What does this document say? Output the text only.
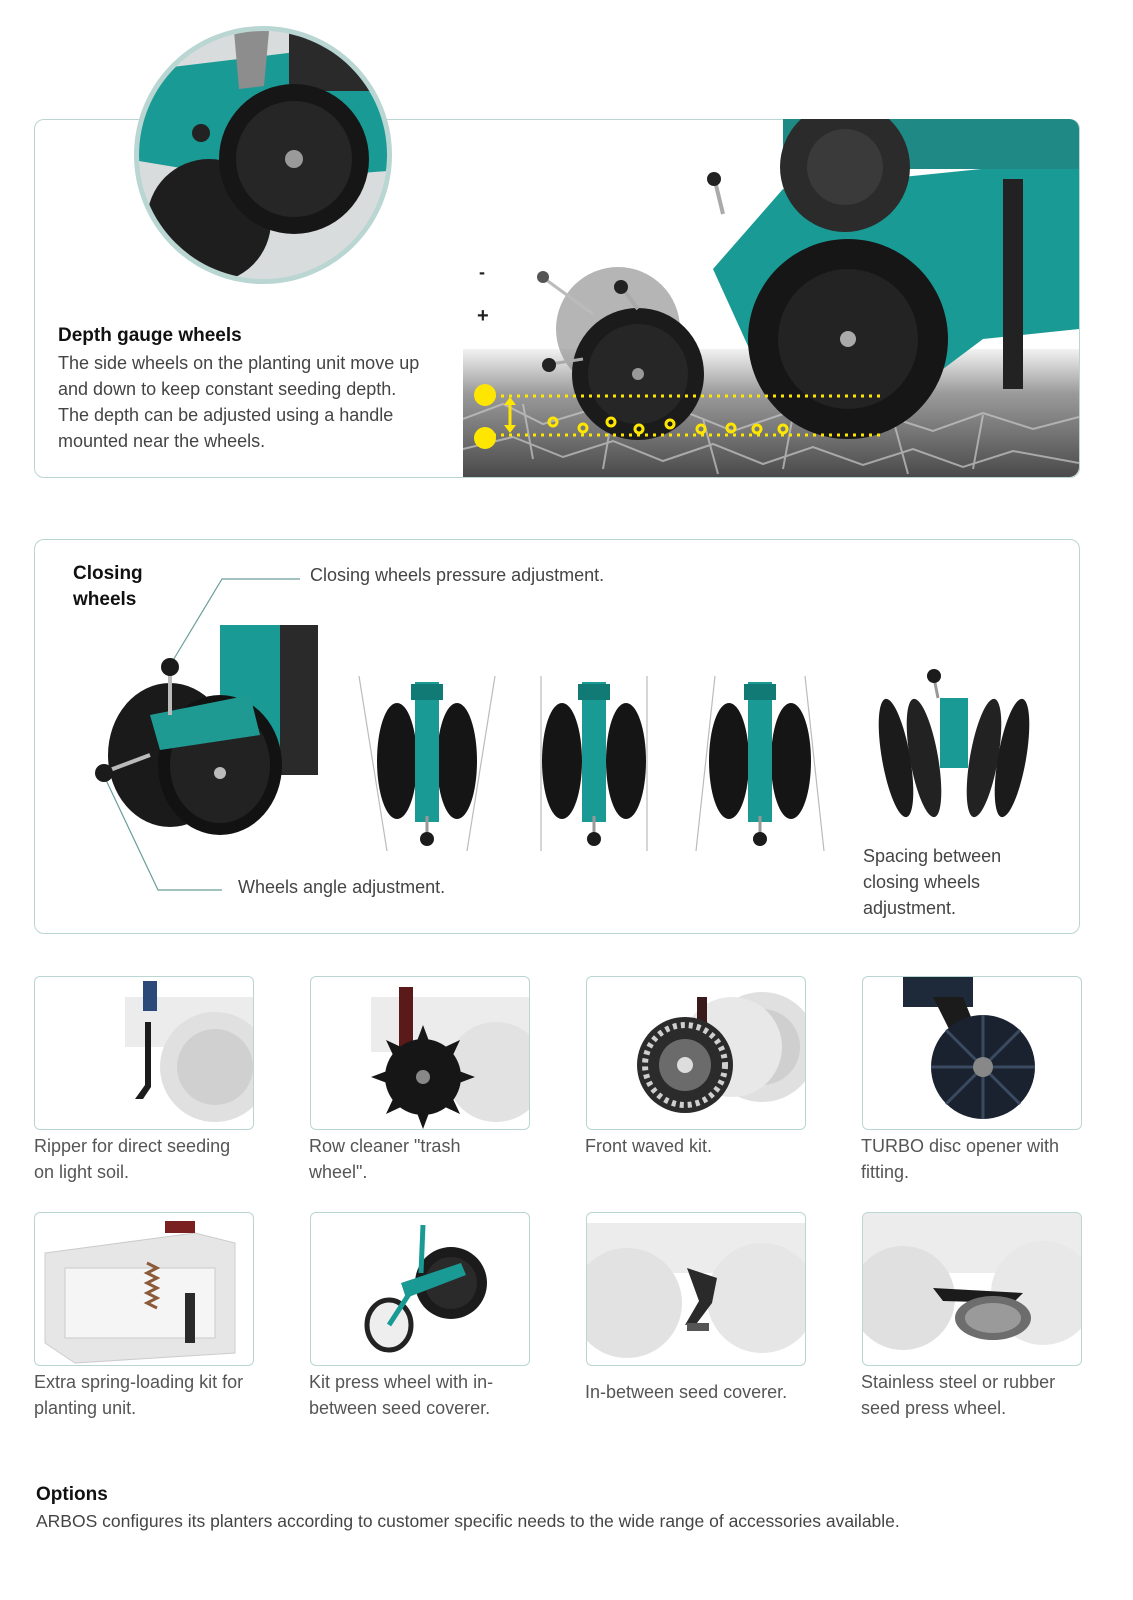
-
+
Depth gauge wheels
The side wheels on the planting unit move up and down to keep constant seeding depth. The depth can be adjusted using a handle mounted near the wheels.
Closing
wheels
Closing wheels pressure adjustment.
Wheels angle adjustment.
Spacing between
closing wheels
adjustment.
Ripper for direct seeding
on light soil.
Row cleaner "trash
wheel".
Front waved kit.	TURBO disc opener with
fitting.
Extra spring-loading kit for
planting unit.
Kit press wheel with in-
between seed coverer.
In-between seed coverer.	Stainless steel or rubber
seed press wheel.
Options
ARBOS configures its planters according to customer specific needs to the wide range of accessories available.
